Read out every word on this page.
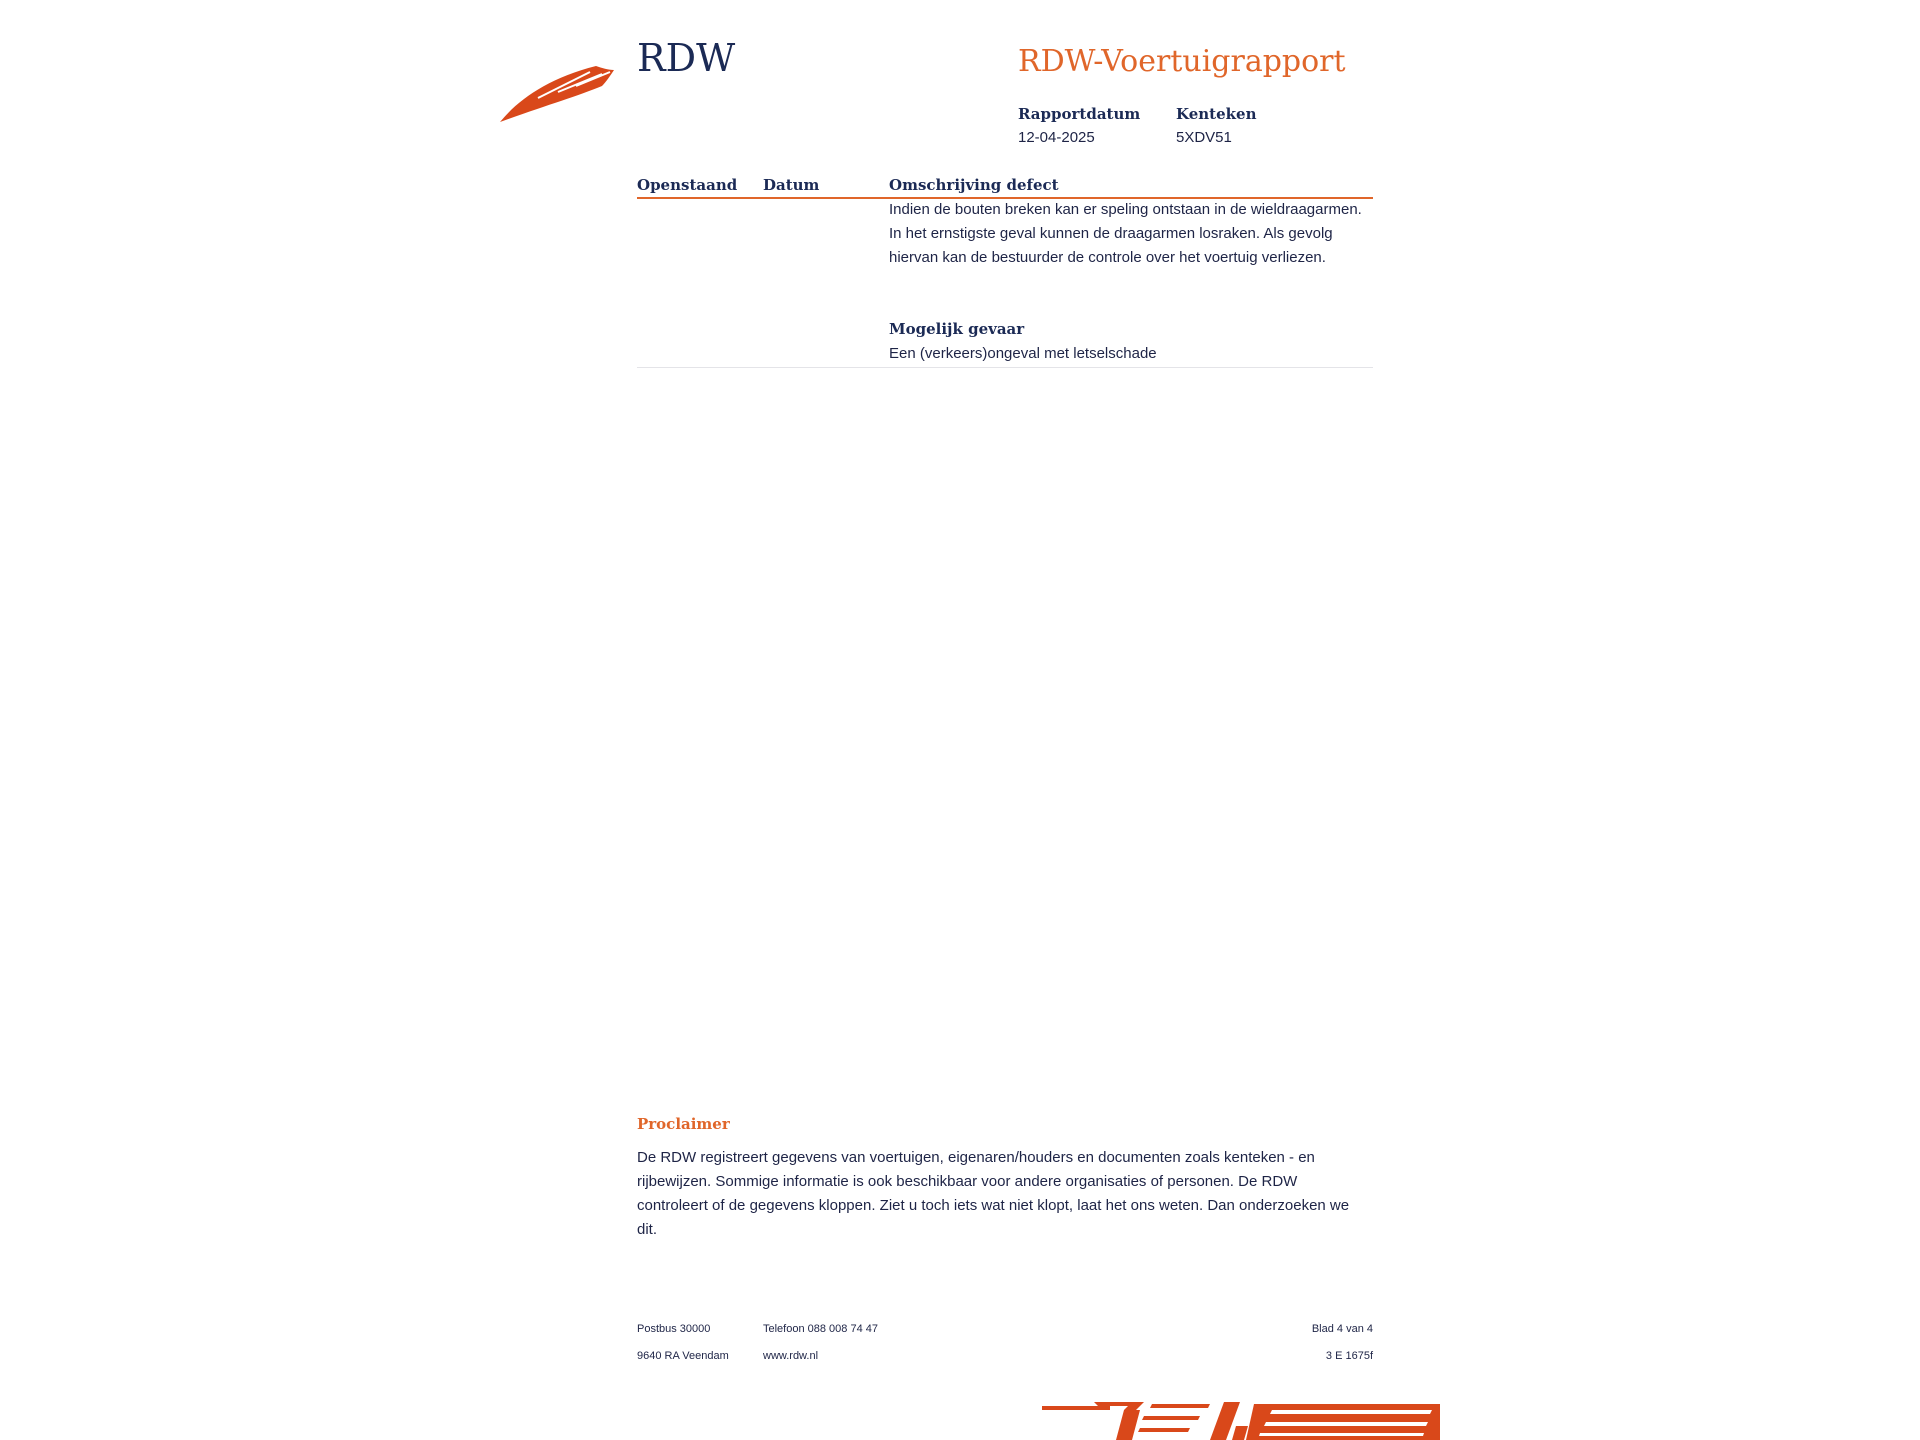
RDW	RDW-Voertuigrapport
Rapportdatum
12-04-2025
Kenteken
5XDV51
Openstaand Datum	Omschrijving defect

Indien de bouten breken kan er speling ontstaan in de wieldraagarmen. In het ernstigste geval kunnen de draagarmen losraken. Als gevolg hiervan kan de bestuurder de controle over het voertuig verliezen.

Mogelijk gevaar
Een (verkeers)ongeval met letselschade
Proclaimer

De RDW registreert gegevens van voertuigen, eigenaren/houders en documenten zoals kenteken - en rijbewijzen. Sommige informatie is ook beschikbaar voor andere organisaties of personen. De RDW controleert of de gegevens kloppen. Ziet u toch iets wat niet klopt, laat het ons weten. Dan onderzoeken we dit.

Postbus 30000
9640 RA Veendam
Telefoon 088 008 74 47
www.rdw.nl
Blad 4 van 4
3 E 1675f
